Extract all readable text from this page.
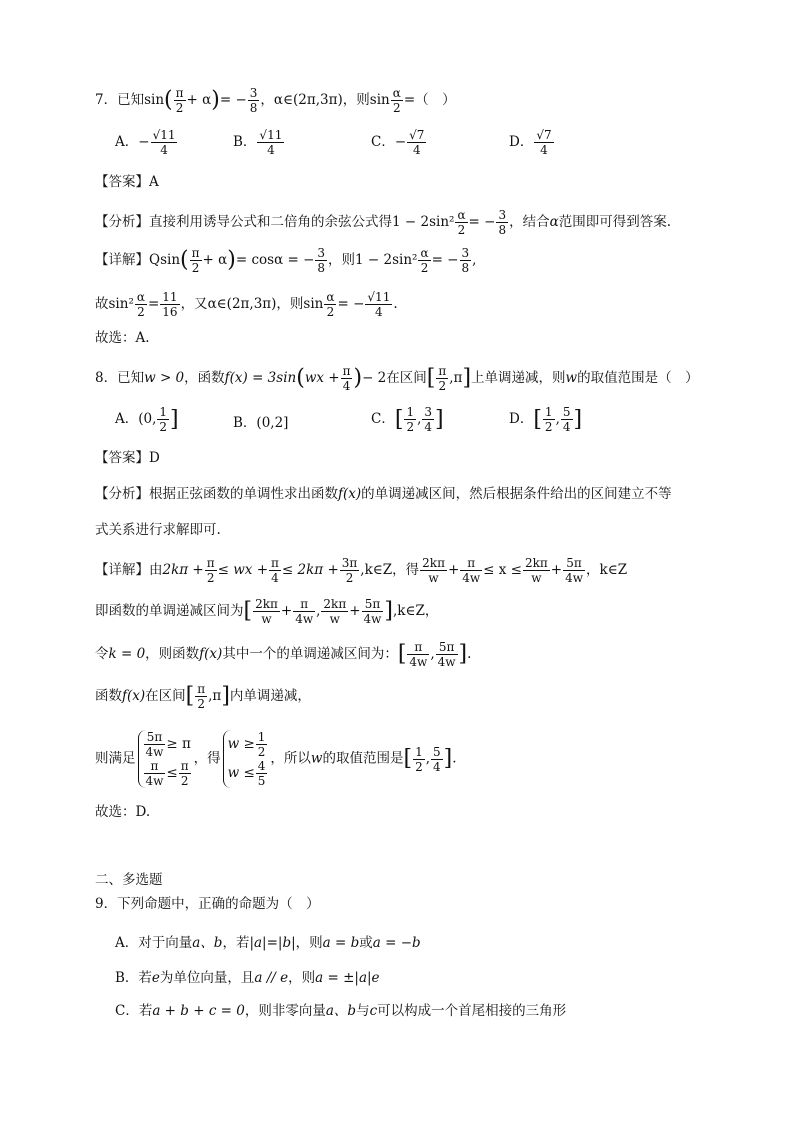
7．已知$\sin( \frac{\pi}{2} + \alpha)= - \frac{3}{8}$ ，α∈(2π,3π)，则$\sin \frac{\alpha}{2}$ =（　）
A．− $\frac{√11}{4}$	B． $\frac{√11}{4}$	C．− $\frac{√7}{4}$	D． $\frac{√7}{4}$
【答案】A
【分析】直接利用诱导公式和二倍角的余弦公式得$1 - 2\sin^2 \frac{\alpha}{2}$ = − $\frac{3}{8}$ ，结合α范围即可得到答案.
【详解】$Qsin( \frac{\pi}{2} + \alpha)= \cos\alpha$ = − $\frac{3}{8}$ ，则$1 - 2\sin^2 \frac{\alpha}{2}$ = − $\frac{3}{8}$ ,
故$\sin^2 \frac{\alpha}{2} = \frac{11}{16}$ ，又α∈(2π,3π)，则$\sin \frac{\alpha}{2}$ = − $\frac{√11}{4}$ .
故选：A.
8．已知w > 0，函数$f(x) = 3\sin(wx + \frac{\pi}{4}$ )− 2在区间[ $\frac{\pi}{2} ,\pi$]上单调递减，则w的取值范围是（　）
A．(0, $\frac{1}{2}$ ]	B．(0,2]	C．[ $\frac{1}{2}$ , $\frac{3}{4}$ ]	D．[ $\frac{1}{2}$ , $\frac{5}{4}$ ]
【答案】D
【分析】根据正弦函数的单调性求出函数f(x)的单调递减区间，然后根据条件给出的区间建立不等
式关系进行求解即可.
【详解】由$2k\pi + \frac{\pi}{2}$ ≤ wx + $\frac{\pi}{4} \le 2k\pi + \frac{3\pi}{2}$ ,k∈Z，得 $\frac{2k\pi}{w} + \frac{\pi}{4w} \le x \le \frac{2k\pi}{w} + \frac{5\pi}{4w}$ ，k∈Z
即函数的单调递减区间为[ $\frac{2k\pi}{w} + \frac{\pi}{4w}$ , $\frac{2k\pi}{w} + \frac{5\pi}{4w}$ ],k∈Z，
令k = 0，则函数f(x)其中一个的单调递减区间为：[ $\frac{\pi}{4w}$ , $\frac{5\pi}{4w}$ ].
函数f(x)在区间[ $\frac{\pi}{2} ,\pi$]内单调递减，
则满足 $\frac{5\pi}{4w} \ge \pi$
$\frac{\pi}{4w} \le \frac{\pi}{2}$
，得
$w \ge \frac{1}{2}$
$w \le \frac{4}{5}$
，所以w的取值范围是[ $\frac{1}{2}$ , $\frac{5}{4}$ ].
故选：D.
二、多选题
9．下列命题中，正确的命题为（　）
A．对于向量a、b，若|a|=|b|，则a = b或a = −b
B．若e为单位向量，且a // e，则a = ±|a|e
C．若a + b + c = 0，则非零向量a、b与c可以构成一个首尾相接的三角形
